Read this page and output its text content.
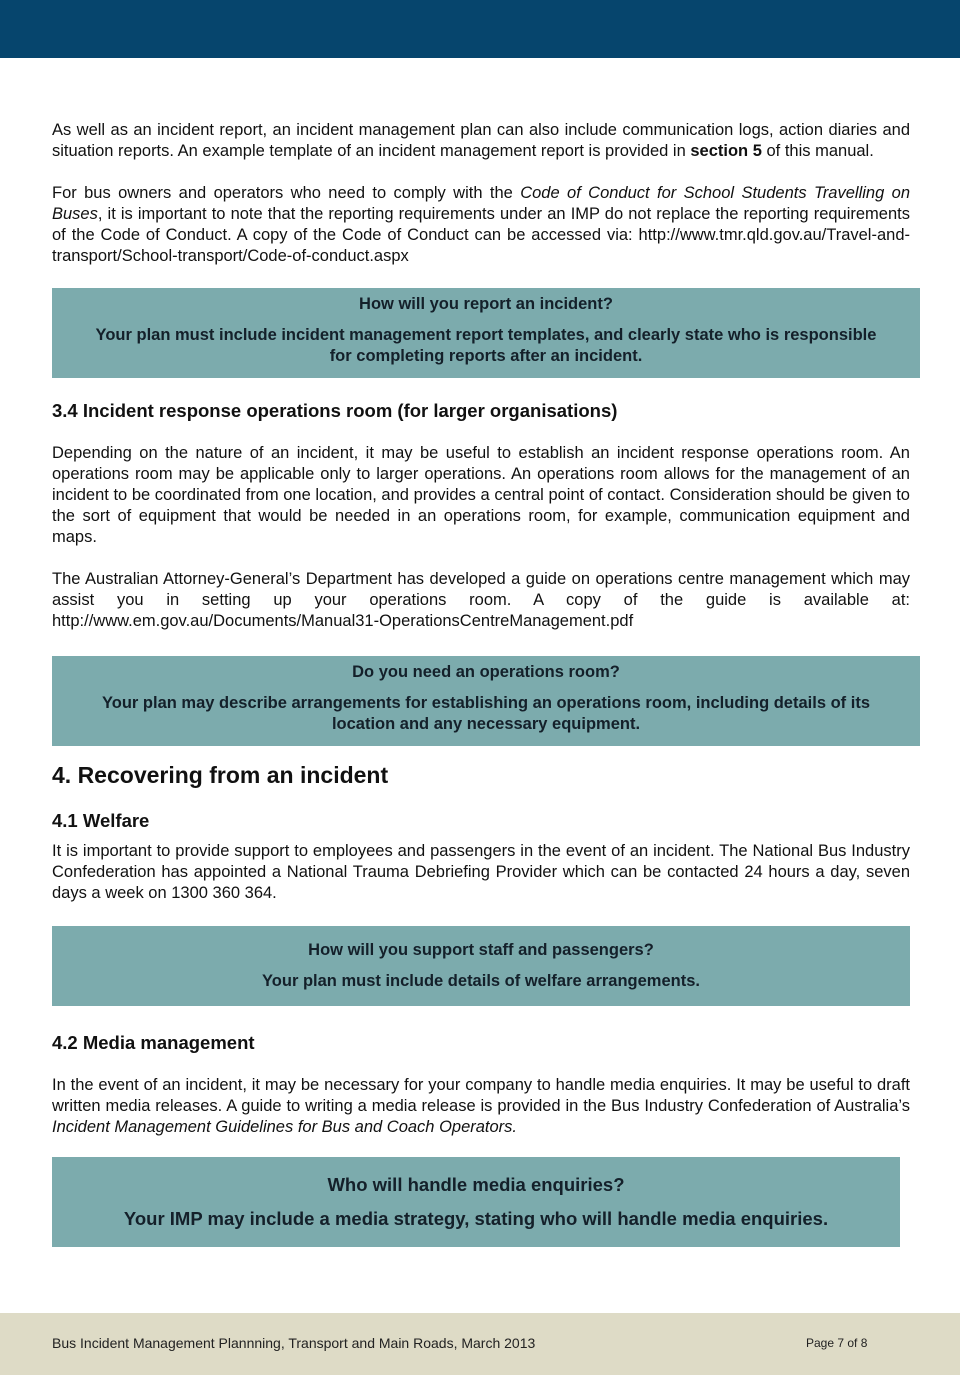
As well as an incident report, an incident management plan can also include communication logs, action diaries and situation reports. An example template of an incident management report is provided in section 5 of this manual.

For bus owners and operators who need to comply with the Code of Conduct for School Students Travelling on Buses, it is important to note that the reporting requirements under an IMP do not replace the reporting requirements of the Code of Conduct. A copy of the Code of Conduct can be accessed via: http://www.tmr.qld.gov.au/Travel-and-transport/School-transport/Code-of-conduct.aspx

How will you report an incident?
Your plan must include incident management report templates, and clearly state who is responsible for completing reports after an incident.
3.4 Incident response operations room (for larger organisations)

Depending on the nature of an incident, it may be useful to establish an incident response operations room. An operations room may be applicable only to larger operations. An operations room allows for the management of an incident to be coordinated from one location, and provides a central point of contact. Consideration should be given to the sort of equipment that would be needed in an operations room, for example, communication equipment and maps.

The Australian Attorney-General’s Department has developed a guide on operations centre management which may assist you in setting up your operations room. A copy of the guide is available at: http://www.em.gov.au/Documents/Manual31-OperationsCentreManagement.pdf

Do you need an operations room?
Your plan may describe arrangements for establishing an operations room, including details of its location and any necessary equipment.
4. Recovering from an incident
4.1 Welfare

It is important to provide support to employees and passengers in the event of an incident. The National Bus Industry Confederation has appointed a National Trauma Debriefing Provider which can be contacted 24 hours a day, seven days a week on 1300 360 364.

How will you support staff and passengers?
Your plan must include details of welfare arrangements.
4.2 Media management

In the event of an incident, it may be necessary for your company to handle media enquiries. It may be useful to draft written media releases. A guide to writing a media release is provided in the Bus Industry Confederation of Australia’s Incident Management Guidelines for Bus and Coach Operators.

Who will handle media enquiries?
Your IMP may include a media strategy, stating who will handle media enquiries.
Bus Incident Management Plannning, Transport and Main Roads, March 2013	Page 7 of 8
